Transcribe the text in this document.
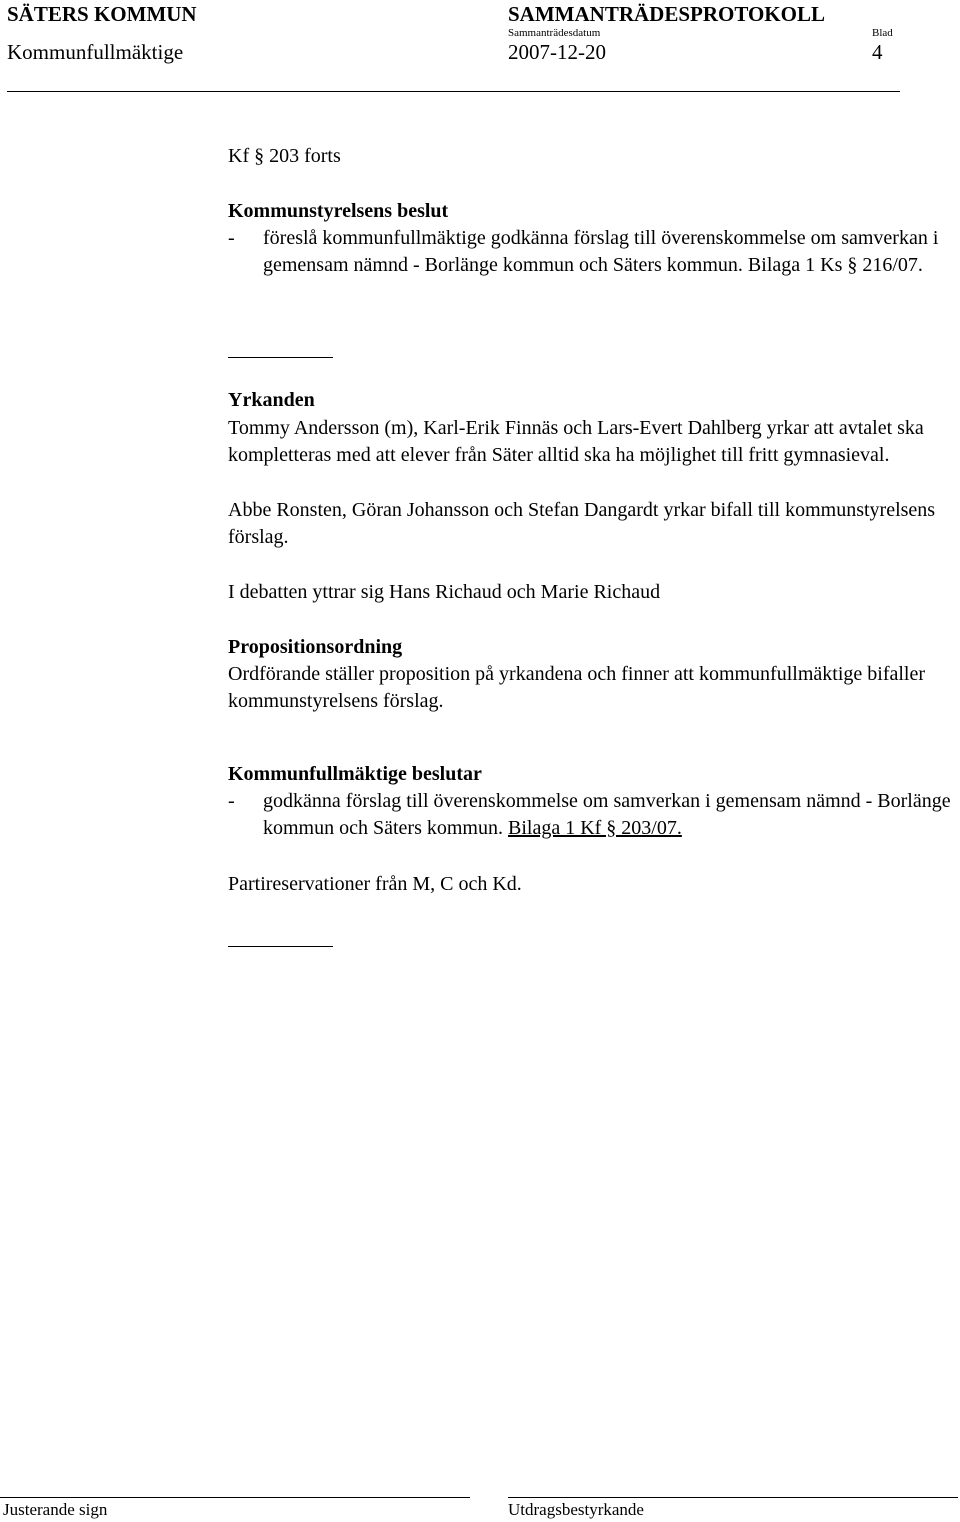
SÄTERS KOMMUN	SAMMANTRÄDESPROTOKOLL
Sammanträdesdatum	Blad
Kommunfullmäktige	2007-12-20	4
Kf § 203 forts
Kommunstyrelsens beslut
- föreslå kommunfullmäktige godkänna förslag till överenskommelse om samverkan i gemensam nämnd - Borlänge kommun och Säters kommun. Bilaga 1 Ks § 216/07.
Yrkanden
Tommy Andersson (m), Karl-Erik Finnäs och Lars-Evert Dahlberg yrkar att avtalet ska kompletteras med att elever från Säter alltid ska ha möjlighet till fritt gymnasieval.
Abbe Ronsten, Göran Johansson och Stefan Dangardt yrkar bifall till kommunstyrelsens förslag.
I debatten yttrar sig Hans Richaud och Marie Richaud
Propositionsordning
Ordförande ställer proposition på yrkandena och finner att kommunfullmäktige bifaller kommunstyrelsens förslag.
Kommunfullmäktige beslutar
- godkänna förslag till överenskommelse om samverkan i gemensam nämnd - Borlänge kommun och Säters kommun. Bilaga 1 Kf § 203/07.
Partireservationer från M, C och Kd.
Justerande sign	Utdragsbestyrkande
